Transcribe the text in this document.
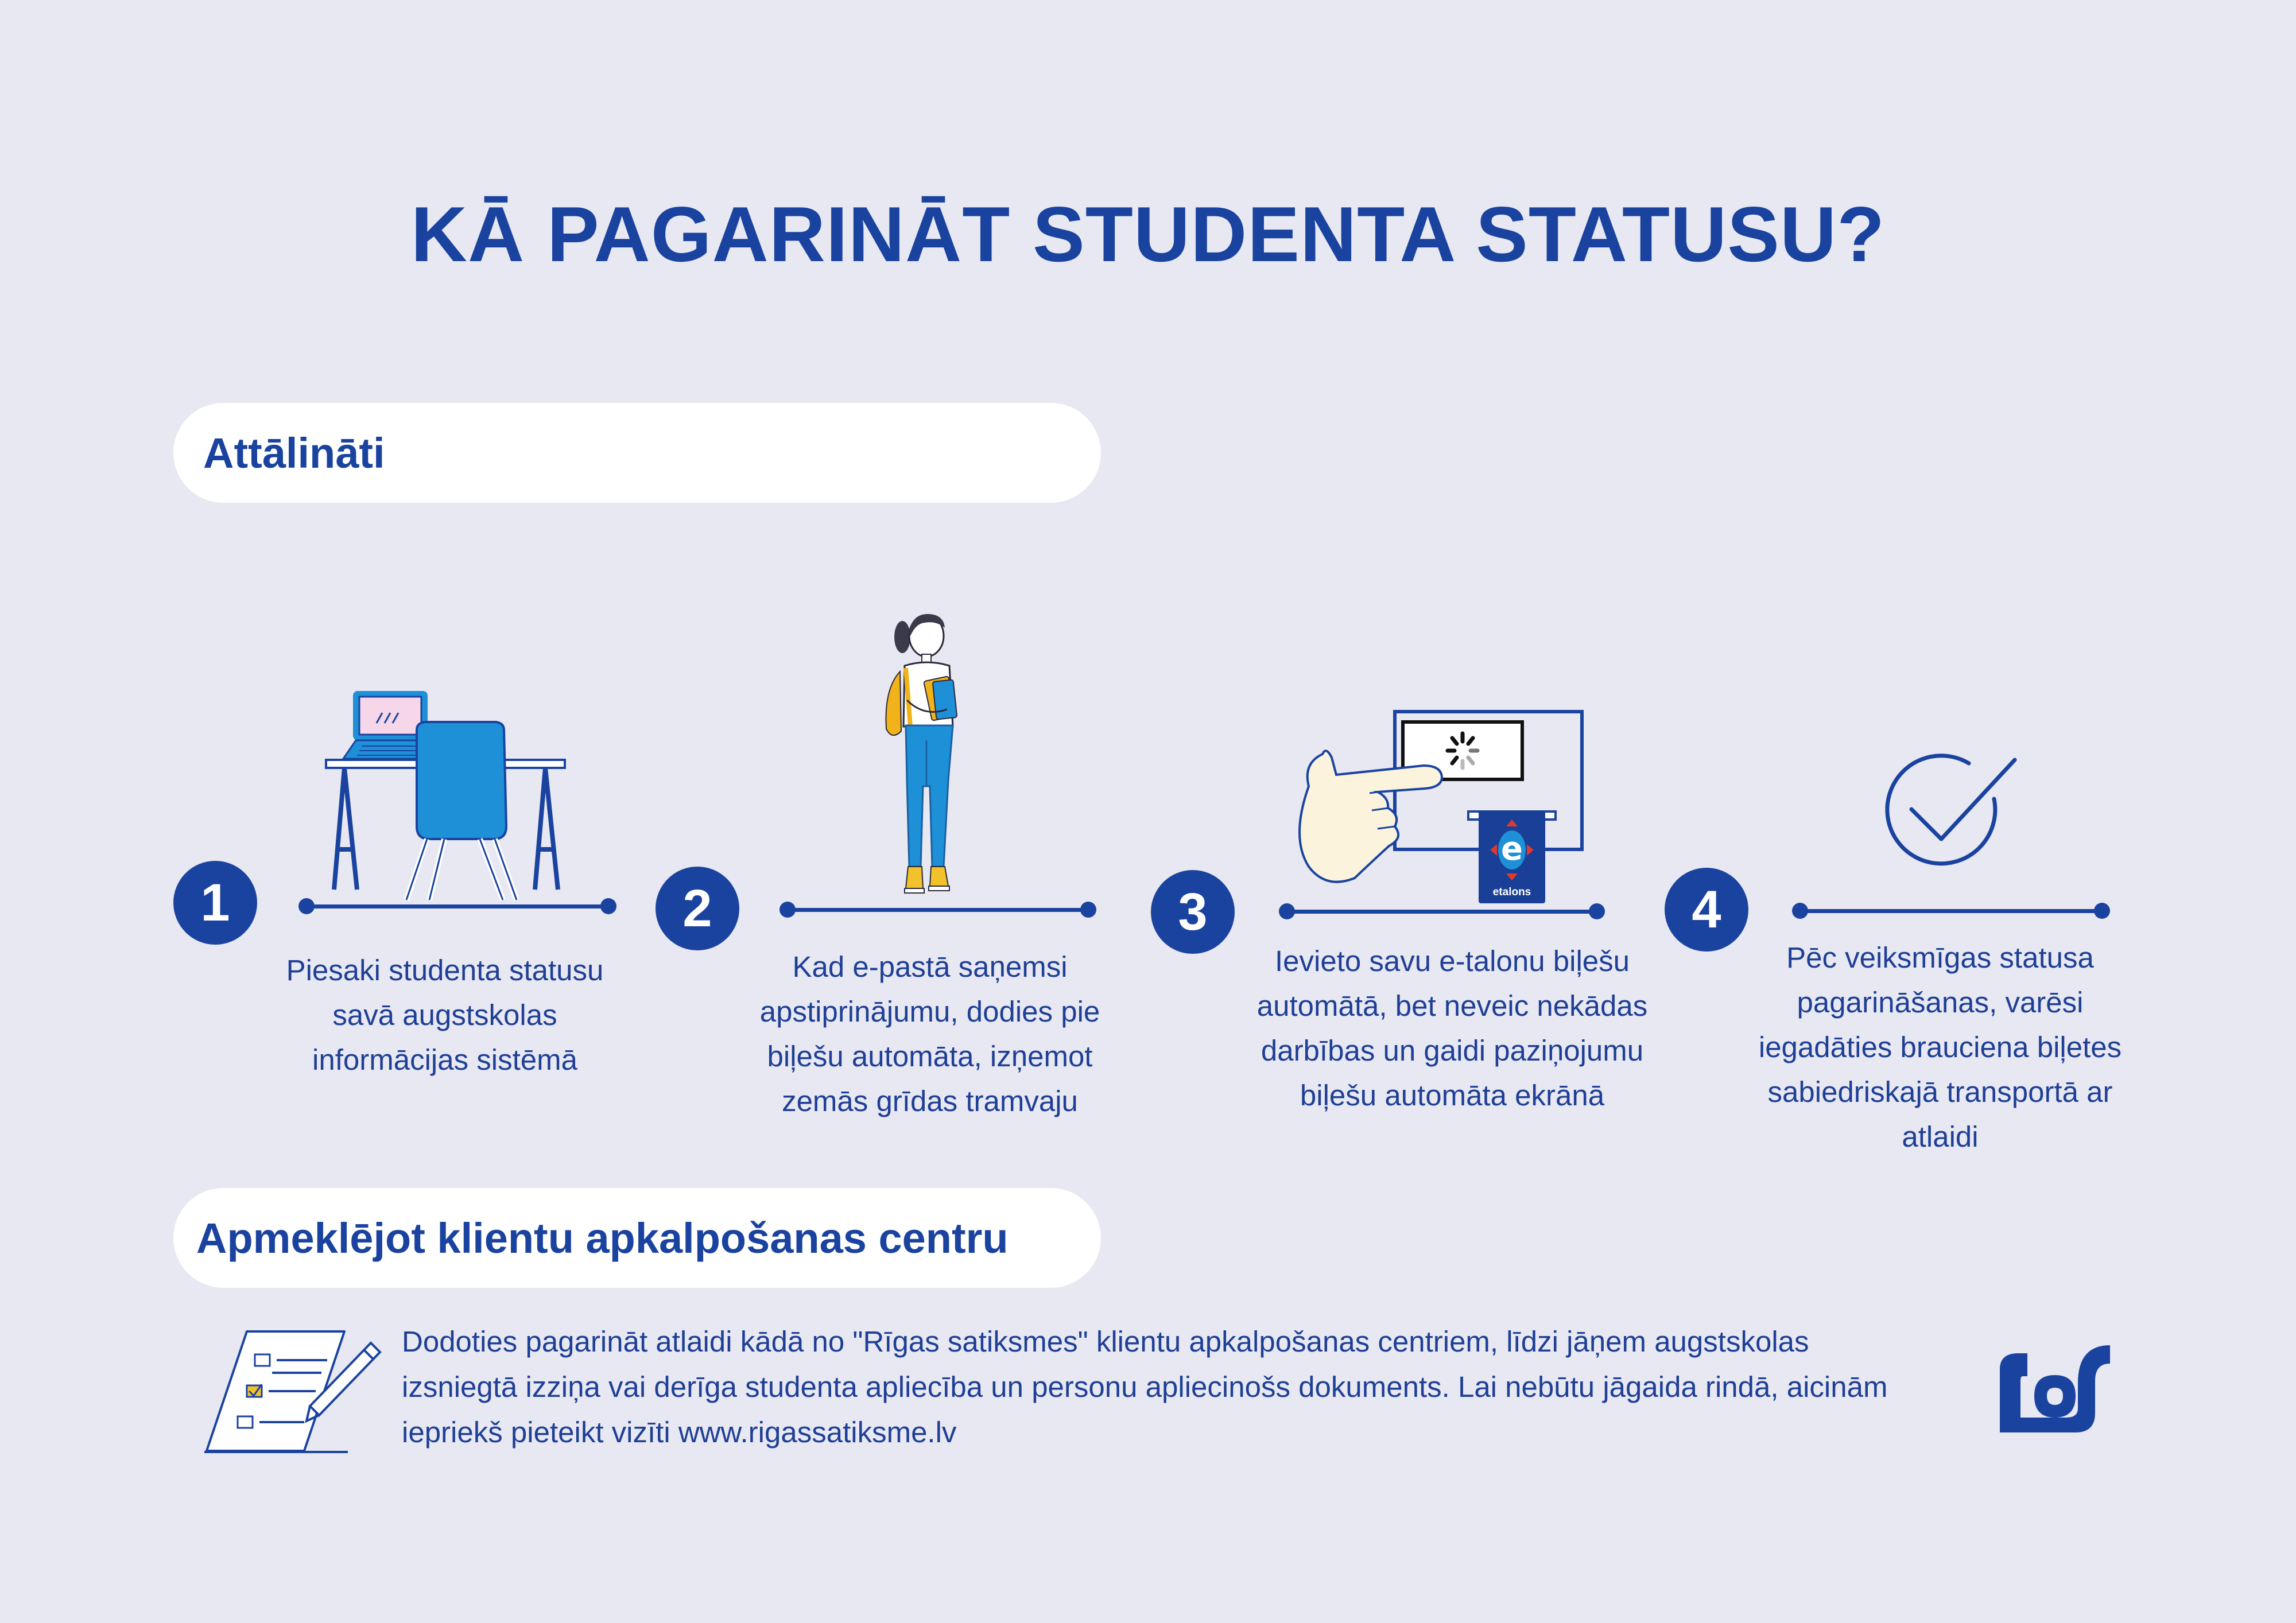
KĀ PAGARINĀT STUDENTA STATUSU?
Attālināti
1
Piesaki studenta statusu savā augstskolas informācijas sistēmā
2
Kad e-pastā saņemsi apstiprinājumu, dodies pie biļešu automāta, izņemot zemās grīdas tramvaju
3
e
etalons
Ievieto savu e-talonu biļešu automātā, bet neveic nekādas darbības un gaidi paziņojumu biļešu automāta ekrānā
4
Pēc veiksmīgas statusa pagarināšanas, varēsi iegadāties brauciena biļetes sabiedriskajā transportā ar atlaidi
Apmeklējot klientu apkalpošanas centru
Dodoties pagarināt atlaidi kādā no "Rīgas satiksmes" klientu apkalpošanas centriem, līdzi jāņem augstskolas izsniegtā izziņa vai derīga studenta apliecība un personu apliecinošs dokuments. Lai nebūtu jāgaida rindā, aicinām iepriekš pieteikt vizīti www.rigassatiksme.lv
